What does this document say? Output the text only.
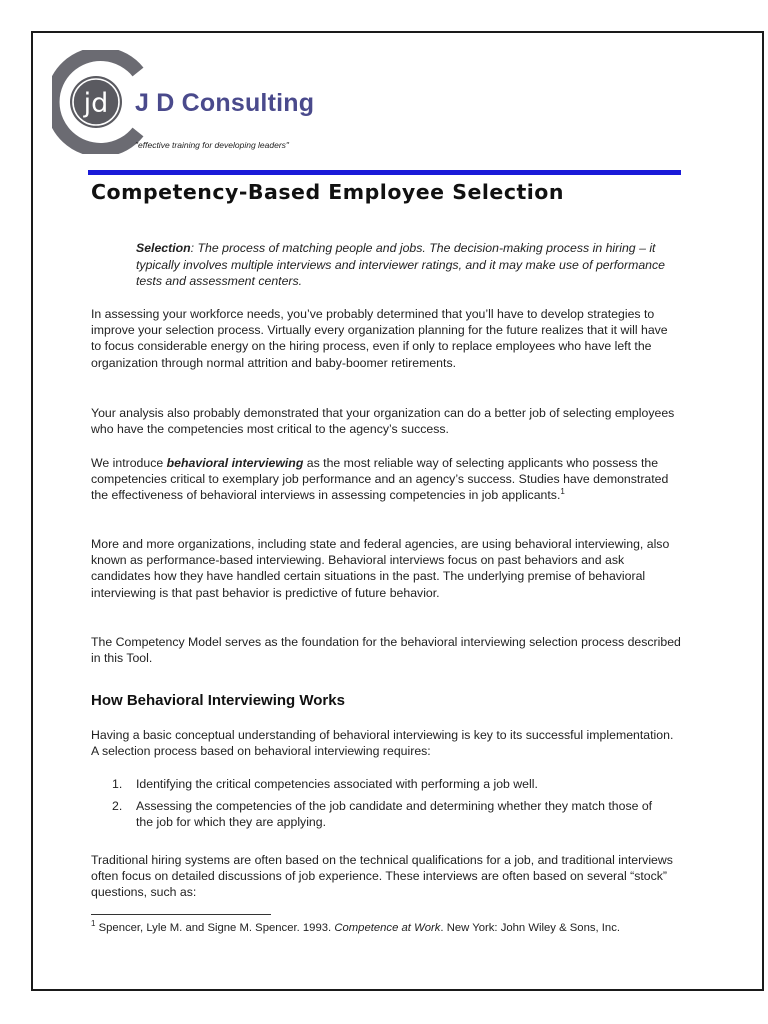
jd J D Consulting
"effective training for developing leaders"
Competency-Based Employee Selection
Selection: The process of matching people and jobs. The decision-making process in hiring – it typically involves multiple interviews and interviewer ratings, and it may make use of performance tests and assessment centers.

In assessing your workforce needs, you’ve probably determined that you’ll have to develop strategies to improve your selection process. Virtually every organization planning for the future realizes that it will have to focus considerable energy on the hiring process, even if only to replace employees who have left the organization through normal attrition and baby-boomer retirements.

Your analysis also probably demonstrated that your organization can do a better job of selecting employees who have the competencies most critical to the agency’s success.

We introduce behavioral interviewing as the most reliable way of selecting applicants who possess the competencies critical to exemplary job performance and an agency’s success. Studies have demonstrated the effectiveness of behavioral interviews in assessing competencies in job applicants.$^1$

More and more organizations, including state and federal agencies, are using behavioral interviewing, also known as performance-based interviewing. Behavioral interviews focus on past behaviors and ask candidates how they have handled certain situations in the past. The underlying premise of behavioral interviewing is that past behavior is predictive of future behavior.

The Competency Model serves as the foundation for the behavioral interviewing selection process described in this Tool.

How Behavioral Interviewing Works

Having a basic conceptual understanding of behavioral interviewing is key to its successful implementation. A selection process based on behavioral interviewing requires:

1. Identifying the critical competencies associated with performing a job well.
2. Assessing the competencies of the job candidate and determining whether they match those of the job for which they are applying.

Traditional hiring systems are often based on the technical qualifications for a job, and traditional interviews often focus on detailed discussions of job experience. These interviews are often based on several “stock” questions, such as:

$^1$ Spencer, Lyle M. and Signe M. Spencer. 1993. Competence at Work. New York: John Wiley & Sons, Inc.
